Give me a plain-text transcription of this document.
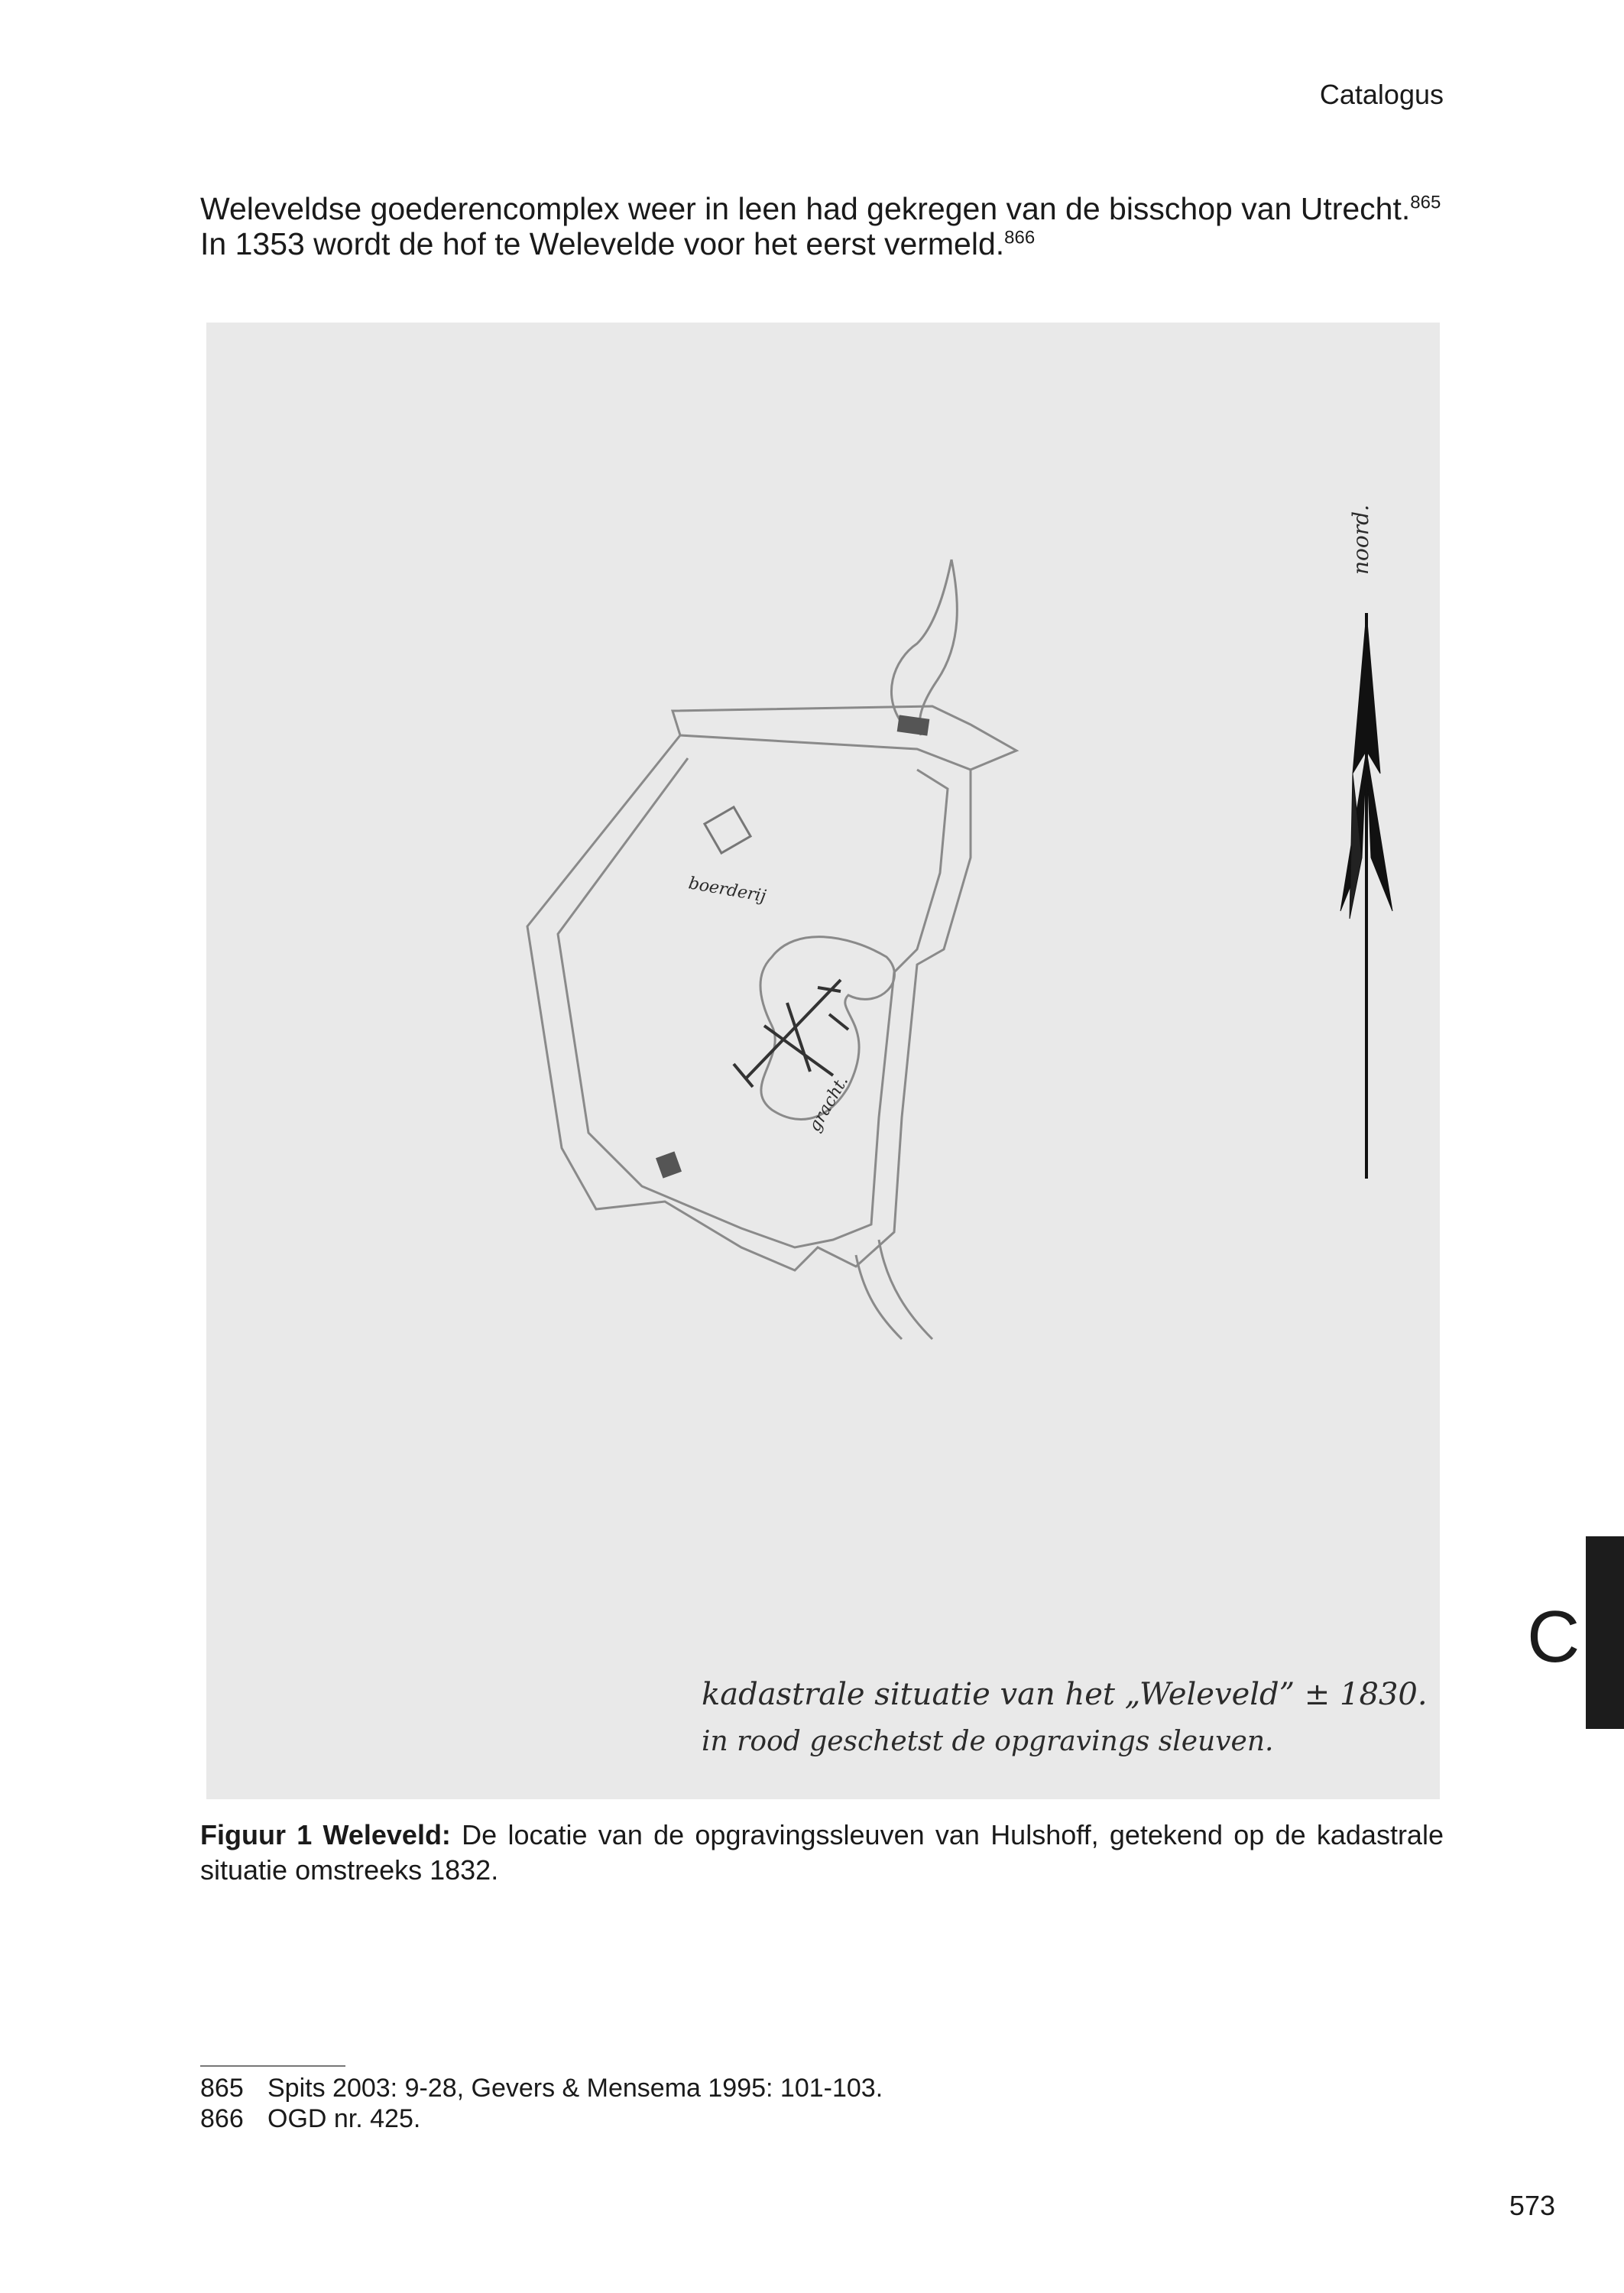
Catalogus

Weleveldse goederencomplex weer in leen had gekregen van de bisschop van Utrecht.$^{865}$ In 1353 wordt de hof te Welevelde voor het eerst vermeld.$^{866}$

boerderij
gracht.
noord.
kadastrale situatie van het „Weleveld” ± 1830.
in rood geschetst de opgravings sleuven.

Figuur 1 Weleveld: De locatie van de opgravingssleuven van Hulshoff, getekend op de kadastrale situatie omstreeks 1832.

865 Spits 2003: 9-28, Gevers & Mensema 1995: 101-103.
866 OGD nr. 425.
C
573
